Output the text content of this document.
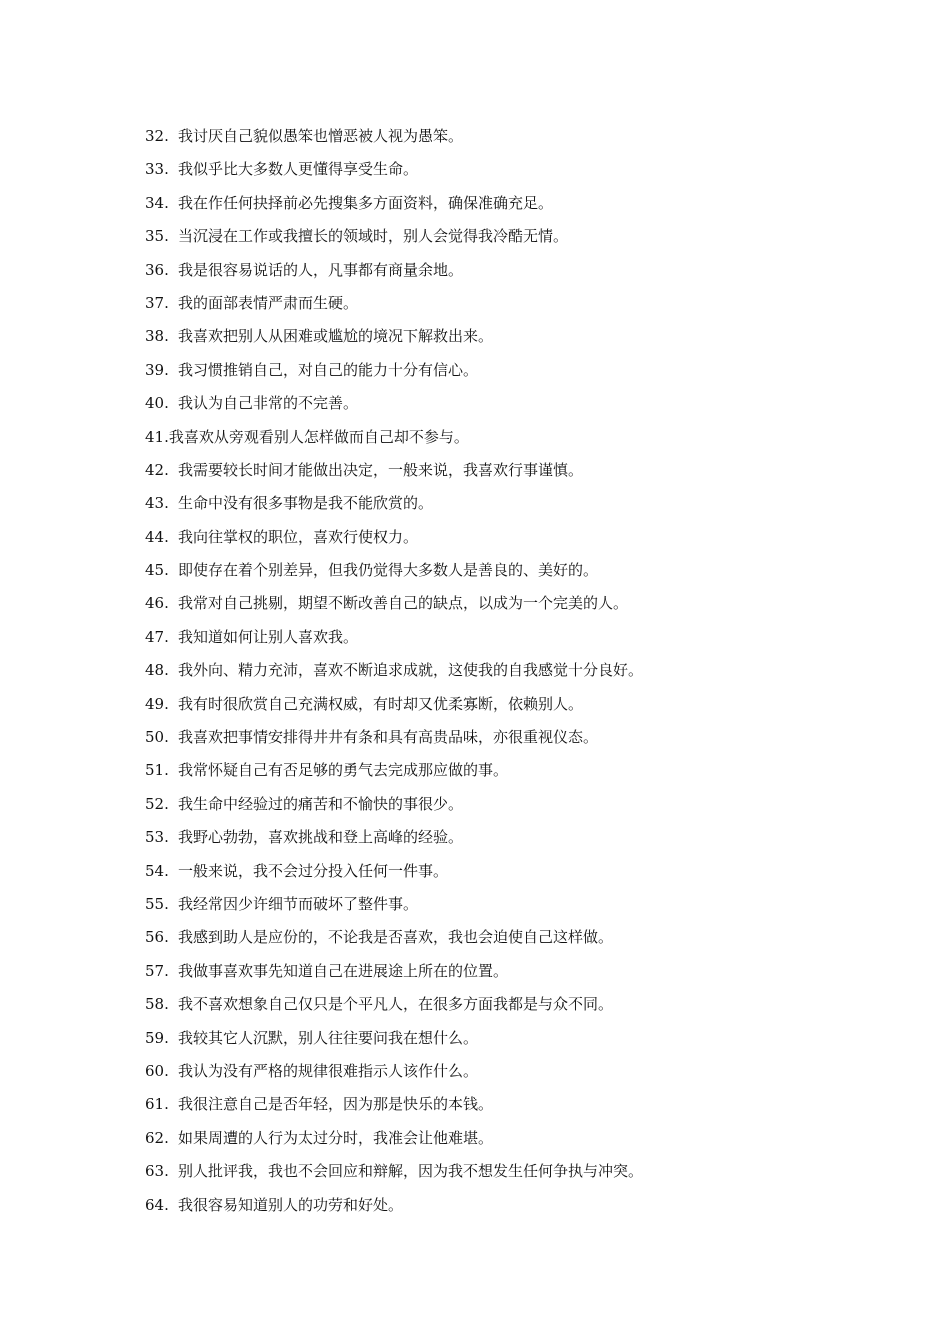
32. 我讨厌自己貌似愚笨也憎恶被人视为愚笨。
33. 我似乎比大多数人更懂得享受生命。
34. 我在作任何抉择前必先搜集多方面资料，确保准确充足。
35. 当沉浸在工作或我擅长的领域时，别人会觉得我冷酷无情。
36. 我是很容易说话的人，凡事都有商量余地。
37. 我的面部表情严肃而生硬。
38. 我喜欢把别人从困难或尴尬的境况下解救出来。
39. 我习惯推销自己，对自己的能力十分有信心。
40. 我认为自己非常的不完善。
41. 我喜欢从旁观看别人怎样做而自己却不参与。
42. 我需要较长时间才能做出决定，一般来说，我喜欢行事谨慎。
43. 生命中没有很多事物是我不能欣赏的。
44. 我向往掌权的职位，喜欢行使权力。
45. 即使存在着个别差异，但我仍觉得大多数人是善良的、美好的。
46. 我常对自己挑剔，期望不断改善自己的缺点，以成为一个完美的人。
47. 我知道如何让别人喜欢我。
48. 我外向、精力充沛，喜欢不断追求成就，这使我的自我感觉十分良好。
49. 我有时很欣赏自己充满权威，有时却又优柔寡断，依赖别人。
50. 我喜欢把事情安排得井井有条和具有高贵品味，亦很重视仪态。
51. 我常怀疑自己有否足够的勇气去完成那应做的事。
52. 我生命中经验过的痛苦和不愉快的事很少。
53. 我野心勃勃，喜欢挑战和登上高峰的经验。
54. 一般来说，我不会过分投入任何一件事。
55. 我经常因少许细节而破坏了整件事。
56. 我感到助人是应份的，不论我是否喜欢，我也会迫使自己这样做。
57. 我做事喜欢事先知道自己在进展途上所在的位置。
58. 我不喜欢想象自己仅只是个平凡人，在很多方面我都是与众不同。
59. 我较其它人沉默，别人往往要问我在想什么。
60. 我认为没有严格的规律很难指示人该作什么。
61. 我很注意自己是否年轻，因为那是快乐的本钱。
62. 如果周遭的人行为太过分时，我准会让他难堪。
63. 别人批评我，我也不会回应和辩解，因为我不想发生任何争执与冲突。
64. 我很容易知道别人的功劳和好处。
